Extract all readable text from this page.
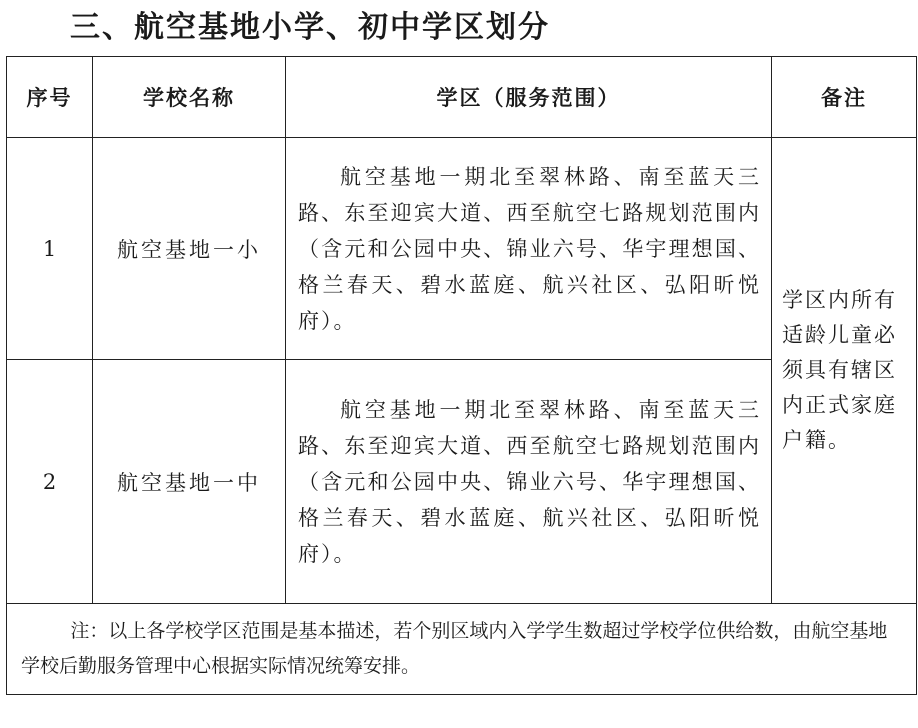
三、航空基地小学、初中学区划分
序号	学校名称	学区（服务范围）	备注
1	航空基地一小	航空基地一期北至翠林路、南至蓝天三路、东至迎宾大道、西至航空七路规划范围内（含元和公园中央、锦业六号、华宇理想国、格兰春天、碧水蓝庭、航兴社区、弘阳昕悦府）。	学区内所有适龄儿童必须具有辖区内正式家庭户籍。
2	航空基地一中	航空基地一期北至翠林路、南至蓝天三路、东至迎宾大道、西至航空七路规划范围内（含元和公园中央、锦业六号、华宇理想国、格兰春天、碧水蓝庭、航兴社区、弘阳昕悦府）。	

注：以上各学校学区范围是基本描述，若个别区域内入学学生数超过学校学位供给数，由航空基地学校后勤服务管理中心根据实际情况统筹安排。			
